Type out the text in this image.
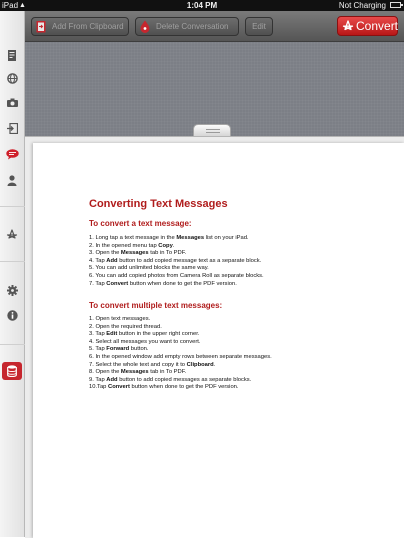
iPad ▲	1:04 PM	Not Charging
Add From Clipboard	Delete Conversation	Edit	Convert
Converting Text Messages
To convert a text message:
1. Long tap a text message in the Messages list on your iPad.
2. In the opened menu tap Copy.
3. Open the Messages tab in To PDF.
4. Tap Add button to add copied message text as a separate block.
5. You can add unlimited blocks the same way.
6. You can add copied photos from Camera Roll as separate blocks.
7. Tap Convert button when done to get the PDF version.
To convert multiple text messages:
1. Open text messages.
2. Open the required thread.
3. Tap Edit button in the upper right corner.
4. Select all messages you want to convert.
5. Tap Forward button.
6. In the opened window add empty rows between separate messages.
7. Select the whole text and copy it to Clipboard.
8. Open the Messages tab in To PDF.
9. Tap Add button to add copied messages as separate blocks.
10.Tap Convert button when done to get the PDF version.
